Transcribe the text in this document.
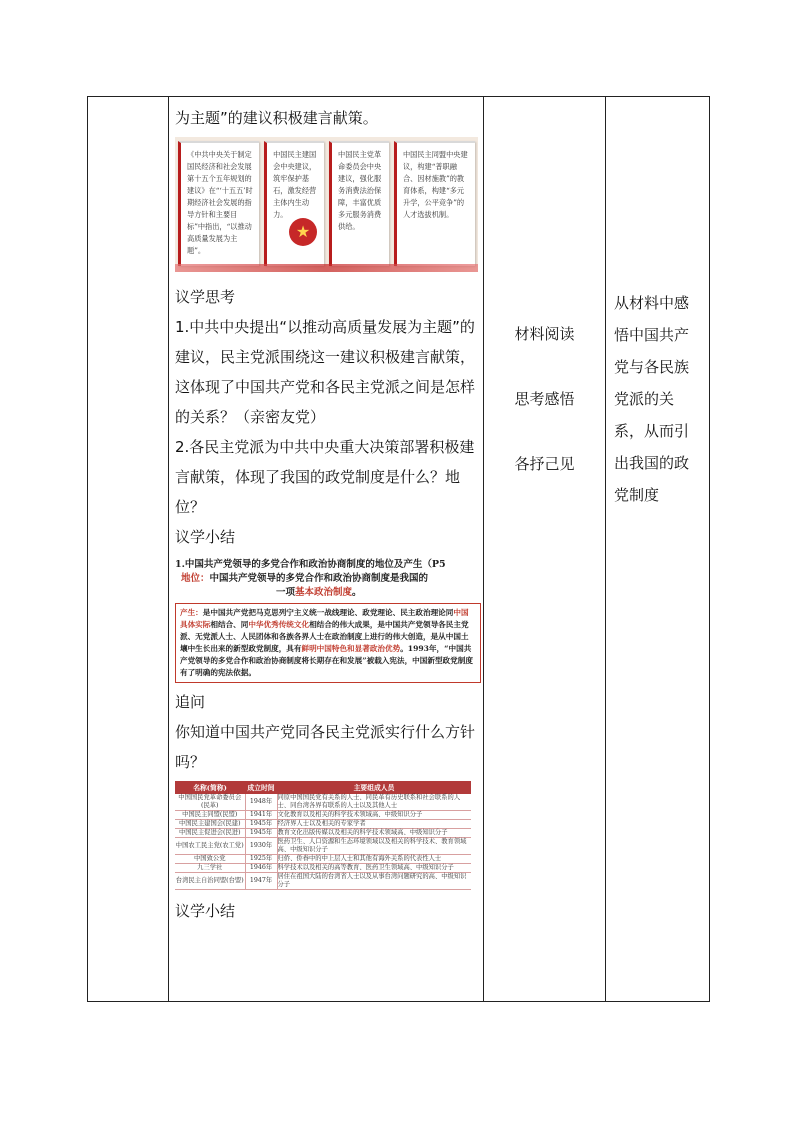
为主题”的建议积极建言献策。

《中共中央关于制定国民经济和社会发展第十五个五年规划的建议》在“‘十五五’时期经济社会发展的指导方针和主要目标”中指出，“以推动高质量发展为主题”。
中国民主建国会中央建议，筑牢保护基石，激发经营主体内生动力。
★
中国民主党革命委员会中央建议，强化服务消费法治保障，丰富优质多元服务消费供给。
中国民主同盟中央建议，构建“普职融合、因材施教”的教育体系，构建“多元升学，公平竞争”的人才选拔机制。

议学思考

1.中共中央提出“以推动高质量发展为主题”的建议，民主党派围绕这一建议积极建言献策，这体现了中国共产党和各民主党派之间是怎样的关系？（亲密友党）

2.各民主党派为中共中央重大决策部署积极建言献策，体现了我国的政党制度是什么？地位？

议学小结

1.中国共产党领导的多党合作和政治协商制度的地位及产生（P5
地位：中国共产党领导的多党合作和政治协商制度是我国的
一项基本政治制度。
产生：是中国共产党把马克思列宁主义统一战线理论、政党理论、民主政治理论同中国具体实际相结合、同中华优秀传统文化相结合的伟大成果，是中国共产党领导各民主党派、无党派人士、人民团体和各族各界人士在政治制度上进行的伟大创造，是从中国土壤中生长出来的新型政党制度，具有鲜明中国特色和显著政治优势。1993年，“中国共产党领导的多党合作和政治协商制度将长期存在和发展”被载入宪法，中国新型政党制度有了明确的宪法依据。

追问

你知道中国共产党同各民主党派实行什么方针吗？

名称(简称)	成立时间	主要组成人员
中国国民党革命委员会(民革)	1948年	同原中国国民党有关系的人士、同民革有历史联系和社会联系的人士、同台湾各界有联系的人士以及其他人士
中国民主同盟(民盟)	1941年	文化教育以及相关的科学技术领域高、中级知识分子
中国民主建国会(民建)	1945年	经济界人士以及相关的专家学者
中国民主促进会(民进)	1945年	教育文化出版传媒以及相关的科学技术领域高、中级知识分子
中国农工民主党(农工党)	1930年	医药卫生、人口资源和生态环境领域以及相关的科学技术、教育领域高、中级知识分子
中国致公党	1925年	归侨、侨眷中的中上层人士和其他有海外关系的代表性人士
九三学社	1946年	科学技术以及相关的高等教育、医药卫生领域高、中级知识分子
台湾民主自治同盟(台盟)	1947年	居住在祖国大陆的台湾省人士以及从事台湾问题研究的高、中级知识分子

议学小结

材料阅读
思考感悟
各抒己见

从材料中感悟中国共产党与各民族党派的关系，从而引出我国的政党制度
